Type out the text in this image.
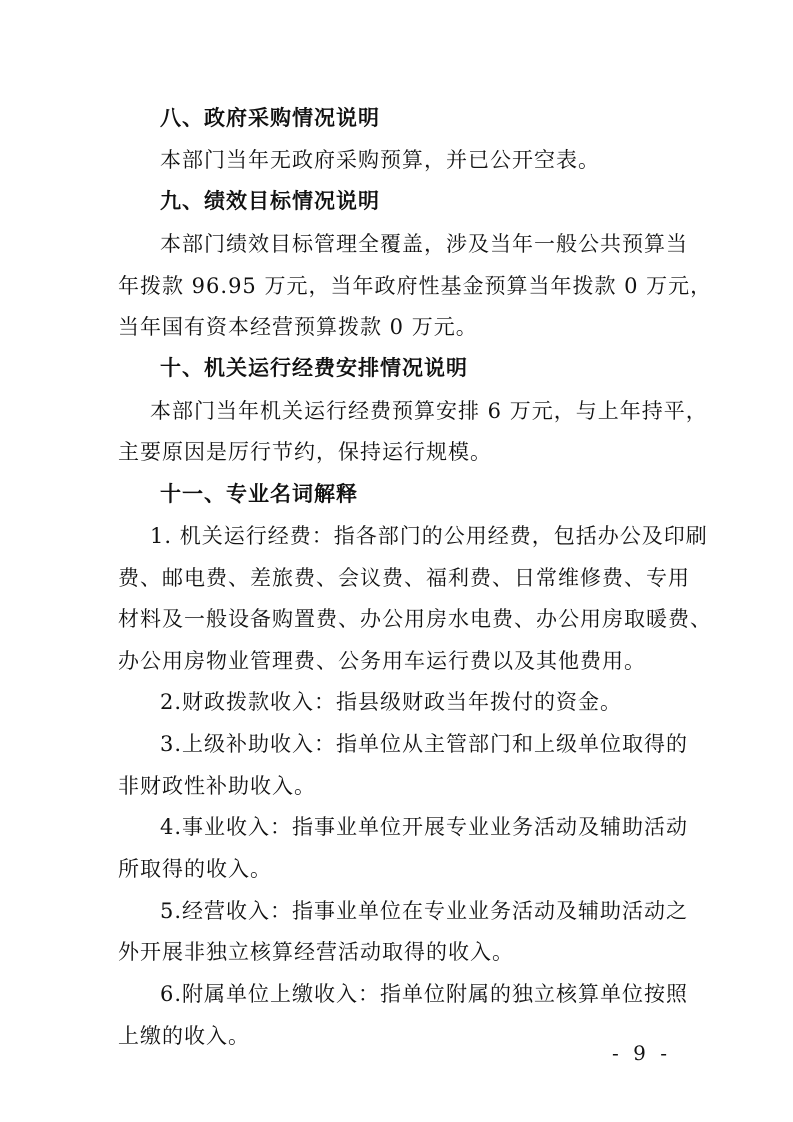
八、政府采购情况说明
本部门当年无政府采购预算，并已公开空表。
九、绩效目标情况说明
本部门绩效目标管理全覆盖，涉及当年一般公共预算当
年拨款 96.95 万元，当年政府性基金预算当年拨款 0 万元，
当年国有资本经营预算拨款 0 万元。
十、机关运行经费安排情况说明
本部门当年机关运行经费预算安排 6 万元，与上年持平，
主要原因是厉行节约，保持运行规模。
十一、专业名词解释
1. 机关运行经费：指各部门的公用经费，包括办公及印刷
费、邮电费、差旅费、会议费、福利费、日常维修费、专用
材料及一般设备购置费、办公用房水电费、办公用房取暖费、
办公用房物业管理费、公务用车运行费以及其他费用。
2.财政拨款收入：指县级财政当年拨付的资金。
3.上级补助收入：指单位从主管部门和上级单位取得的
非财政性补助收入。
4.事业收入：指事业单位开展专业业务活动及辅助活动
所取得的收入。
5.经营收入：指事业单位在专业业务活动及辅助活动之
外开展非独立核算经营活动取得的收入。
6.附属单位上缴收入：指单位附属的独立核算单位按照
上缴的收入。
- 9 -
